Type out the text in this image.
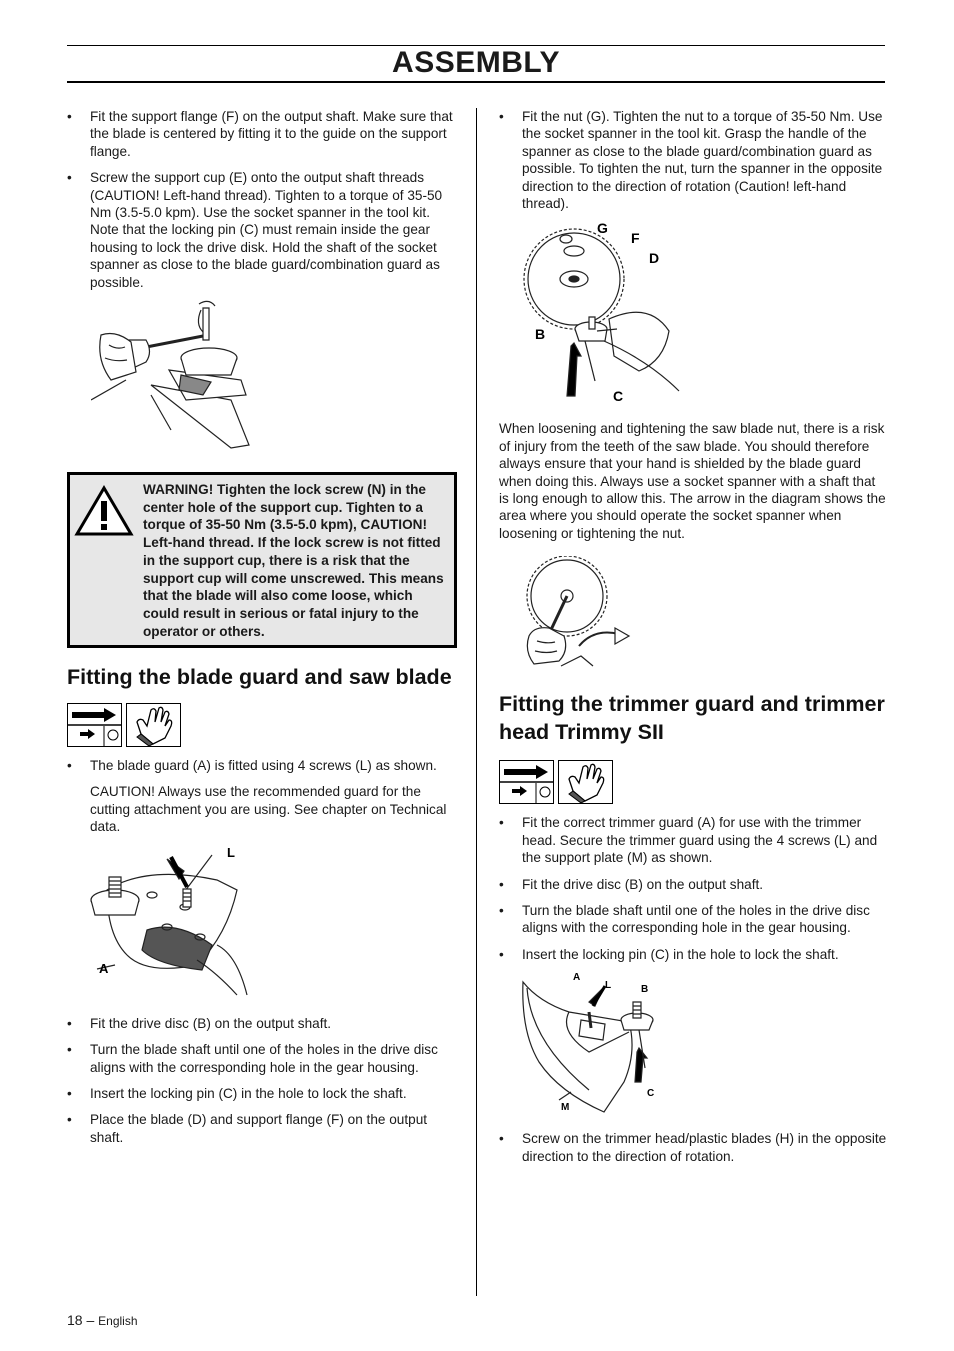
ASSEMBLY
• Fit the support flange (F) on the output shaft. Make sure that the blade is centered by fitting it to the guide on the support flange.
• Screw the support cup (E) onto the output shaft threads (CAUTION! Left-hand thread). Tighten to a torque of 35-50 Nm (3.5-5.0 kpm). Use the socket spanner in the tool kit. Note that the locking pin (C) must remain inside the gear housing to lock the drive disk. Hold the shaft of the socket spanner as close to the blade guard/combination guard as possible.
WARNING! Tighten the lock screw (N) in the center hole of the support cup. Tighten to a torque of 35-50 Nm (3.5-5.0 kpm), CAUTION! Left-hand thread. If the lock screw is not fitted in the support cup, there is a risk that the support cup will come unscrewed. This means that the blade will also come loose, which could result in serious or fatal injury to the operator or others.
Fitting the blade guard and saw blade
• The blade guard (A) is fitted using 4 screws (L) as shown.

CAUTION! Always use the recommended guard for the cutting attachment you are using. See chapter on Technical data.

L
A
• Fit the drive disc (B) on the output shaft.
• Turn the blade shaft until one of the holes in the drive disc aligns with the corresponding hole in the gear housing.
• Insert the locking pin (C) in the hole to lock the shaft.
• Place the blade (D) and support flange (F) on the output shaft.
• Fit the nut (G). Tighten the nut to a torque of 35-50 Nm. Use the socket spanner in the tool kit. Grasp the handle of the spanner as close to the blade guard/combination guard as possible. To tighten the nut, turn the spanner in the opposite direction to the direction of rotation (Caution! left-hand thread).
G
F
D
B
C

When loosening and tightening the saw blade nut, there is a risk of injury from the teeth of the saw blade. You should therefore always ensure that your hand is shielded by the blade guard when doing this. Always use a socket spanner with a shaft that is long enough to allow this. The arrow in the diagram shows the area where you should operate the socket spanner when loosening or tightening the nut.

Fitting the trimmer guard and trimmer head Trimmy SII
• Fit the correct trimmer guard (A) for use with the trimmer head. Secure the trimmer guard using the 4 screws (L) and the support plate (M) as shown.
• Fit the drive disc (B) on the output shaft.
• Turn the blade shaft until one of the holes in the drive disc aligns with the corresponding hole in the gear housing.
• Insert the locking pin (C) in the hole to lock the shaft.
A
L	B
C
M
• Screw on the trimmer head/plastic blades (H) in the opposite direction to the direction of rotation.
18 – English
